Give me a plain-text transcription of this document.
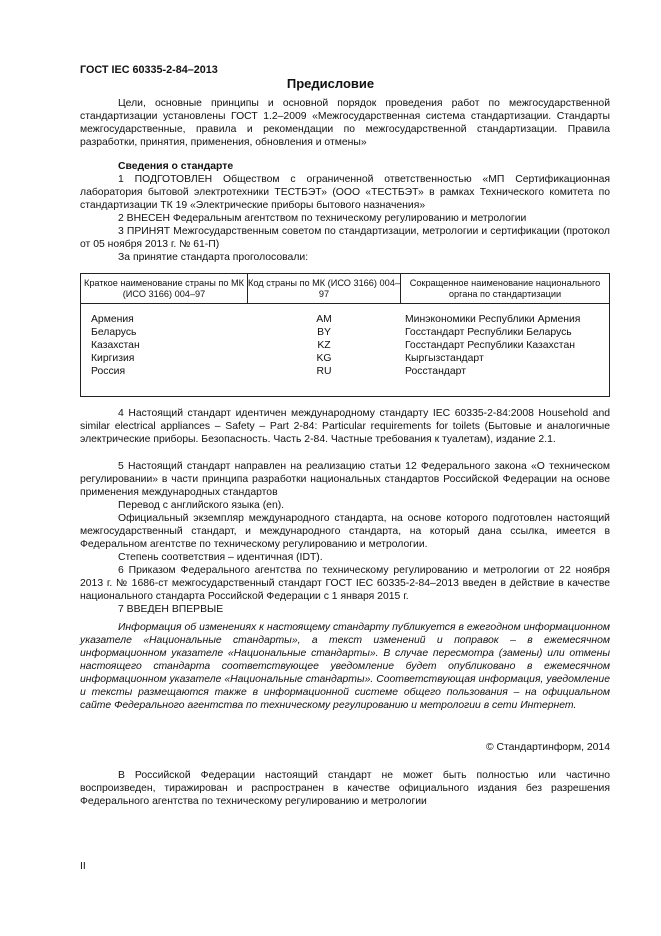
ГОСТ IEC 60335-2-84–2013
Предисловие

Цели, основные принципы и основной порядок проведения работ по межгосударственной стандартизации установлены ГОСТ 1.2–2009 «Межгосударственная система стандартизации. Стандарты межгосударственные, правила и рекомендации по межгосударственной стандартизации. Правила разработки, принятия, применения, обновления и отмены»

Сведения о стандарте

1 ПОДГОТОВЛЕН Обществом с ограниченной ответственностью «МП Сертификационная лаборатория бытовой электротехники ТЕСТБЭТ» (ООО «ТЕСТБЭТ» в рамках Технического комитета по стандартизации ТК 19 «Электрические приборы бытового назначения»

2 ВНЕСЕН Федеральным агентством по техническому регулированию и метрологии

3 ПРИНЯТ Межгосударственным советом по стандартизации, метрологии и сертификации (протокол от 05 ноября 2013 г. № 61-П)

За принятие стандарта проголосовали:

Краткое наименование страны по МК (ИСО 3166) 004–97
Код страны по МК (ИСО 3166) 004–97
Сокращенное наименование национального органа по стандартизации
Армения
Беларусь
Казахстан
Киргизия
Россия
AM
BY
KZ
KG
RU
Минэкономики Республики Армения
Госстандарт Республики Беларусь
Госстандарт Республики Казахстан
Кыргызстандарт
Росстандарт

4 Настоящий стандарт идентичен международному стандарту IEC 60335-2-84:2008 Household and similar electrical appliances – Safety – Part 2-84: Particular requirements for toilets (Бытовые и аналогичные электрические приборы. Безопасность. Часть 2-84. Частные требования к туалетам), издание 2.1.

5 Настоящий стандарт направлен на реализацию статьи 12 Федерального закона «О техническом регулировании» в части принципа разработки национальных стандартов Российской Федерации на основе применения международных стандартов

Перевод с английского языка (en).

Официальный экземпляр международного стандарта, на основе которого подготовлен настоящий межгосударственный стандарт, и международного стандарта, на который дана ссылка, имеется в Федеральном агентстве по техническому регулированию и метрологии.

Степень соответствия – идентичная (IDT).

6 Приказом Федерального агентства по техническому регулированию и метрологии от 22 ноября 2013 г. № 1686-ст межгосударственный стандарт ГОСТ IEC 60335-2-84–2013 введен в действие в качестве национального стандарта Российской Федерации с 1 января 2015 г.

7 ВВЕДЕН ВПЕРВЫЕ

Информация об изменениях к настоящему стандарту публикуется в ежегодном информационном указателе «Национальные стандарты», а текст изменений и поправок – в ежемесячном информационном указателе «Национальные стандарты». В случае пересмотра (замены) или отмены настоящего стандарта соответствующее уведомление будет опубликовано в ежемесячном информационном указателе «Национальные стандарты». Соответствующая информация, уведомление и тексты размещаются также в информационной системе общего пользования – на официальном сайте Федерального агентства по техническому регулированию и метрологии в сети Интернет.

© Стандартинформ, 2014

В Российской Федерации настоящий стандарт не может быть полностью или частично воспроизведен, тиражирован и распространен в качестве официального издания без разрешения Федерального агентства по техническому регулированию и метрологии

II
